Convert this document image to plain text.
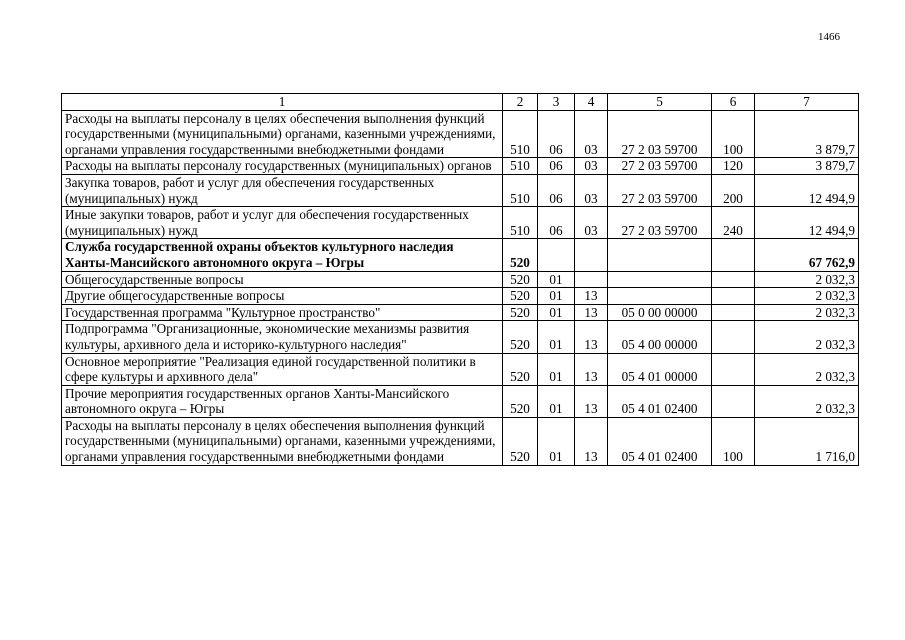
1466
1	2	3	4	5	6	7
Расходы на выплаты персоналу в целях обеспечения выполнения функций государственными (муниципальными) органами, казенными учреждениями, органами управления государственными внебюджетными фондами	510	06	03	27 2 03 59700	100	3 879,7
Расходы на выплаты персоналу государственных (муниципальных) органов	510	06	03	27 2 03 59700	120	3 879,7
Закупка товаров, работ и услуг для обеспечения государственных (муниципальных) нужд	510	06	03	27 2 03 59700	200	12 494,9
Иные закупки товаров, работ и услуг для обеспечения государственных (муниципальных) нужд	510	06	03	27 2 03 59700	240	12 494,9
Служба государственной охраны объектов культурного наследия Ханты-Мансийского автономного округа – Югры	520					67 762,9
Общегосударственные вопросы	520	01				2 032,3
Другие общегосударственные вопросы	520	01	13			2 032,3
Государственная программа "Культурное пространство"	520	01	13	05 0 00 00000		2 032,3
Подпрограмма "Организационные, экономические механизмы развития культуры, архивного дела и историко-культурного наследия"	520	01	13	05 4 00 00000		2 032,3
Основное мероприятие "Реализация единой государственной политики в сфере культуры и архивного дела"	520	01	13	05 4 01 00000		2 032,3
Прочие мероприятия государственных органов Ханты-Мансийского автономного округа – Югры	520	01	13	05 4 01 02400		2 032,3
Расходы на выплаты персоналу в целях обеспечения выполнения функций государственными (муниципальными) органами, казенными учреждениями, органами управления государственными внебюджетными фондами	520	01	13	05 4 01 02400	100	1 716,0
